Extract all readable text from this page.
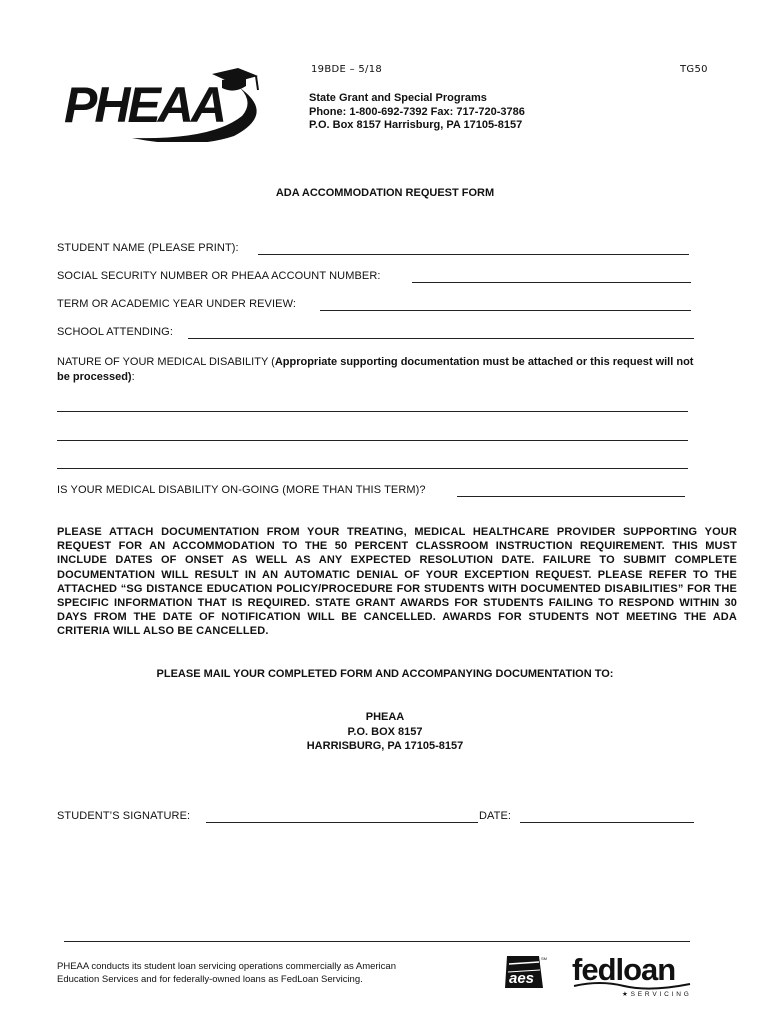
PHEAA
19BDE – 5/18	TG50
State Grant and Special Programs
Phone: 1-800-692-7392 Fax: 717-720-3786
P.O. Box 8157 Harrisburg, PA 17105-8157
ADA ACCOMMODATION REQUEST FORM
STUDENT NAME (PLEASE PRINT):
SOCIAL SECURITY NUMBER OR PHEAA ACCOUNT NUMBER:
TERM OR ACADEMIC YEAR UNDER REVIEW:
SCHOOL ATTENDING:
NATURE OF YOUR MEDICAL DISABILITY (Appropriate supporting documentation must be attached or this request will not be processed):
IS YOUR MEDICAL DISABILITY ON-GOING (MORE THAN THIS TERM)?
PLEASE ATTACH DOCUMENTATION FROM YOUR TREATING, MEDICAL HEALTHCARE PROVIDER SUPPORTING YOUR REQUEST FOR AN ACCOMMODATION TO THE 50 PERCENT CLASSROOM INSTRUCTION REQUIREMENT. THIS MUST INCLUDE DATES OF ONSET AS WELL AS ANY EXPECTED RESOLUTION DATE. FAILURE TO SUBMIT COMPLETE DOCUMENTATION WILL RESULT IN AN AUTOMATIC DENIAL OF YOUR EXCEPTION REQUEST. PLEASE REFER TO THE ATTACHED “SG DISTANCE EDUCATION POLICY/PROCEDURE FOR STUDENTS WITH DOCUMENTED DISABILITIES” FOR THE SPECIFIC INFORMATION THAT IS REQUIRED. STATE GRANT AWARDS FOR STUDENTS FAILING TO RESPOND WITHIN 30 DAYS FROM THE DATE OF NOTIFICATION WILL BE CANCELLED. AWARDS FOR STUDENTS NOT MEETING THE ADA CRITERIA WILL ALSO BE CANCELLED.
PLEASE MAIL YOUR COMPLETED FORM AND ACCOMPANYING DOCUMENTATION TO:
PHEAA
P.O. BOX 8157
HARRISBURG, PA 17105-8157
STUDENT’S SIGNATURE:	DATE:
PHEAA conducts its student loan servicing operations commercially as American Education Services and for federally-owned loans as FedLoan Servicing.	aes
SM fedloan
★ S E R V I C I N G
